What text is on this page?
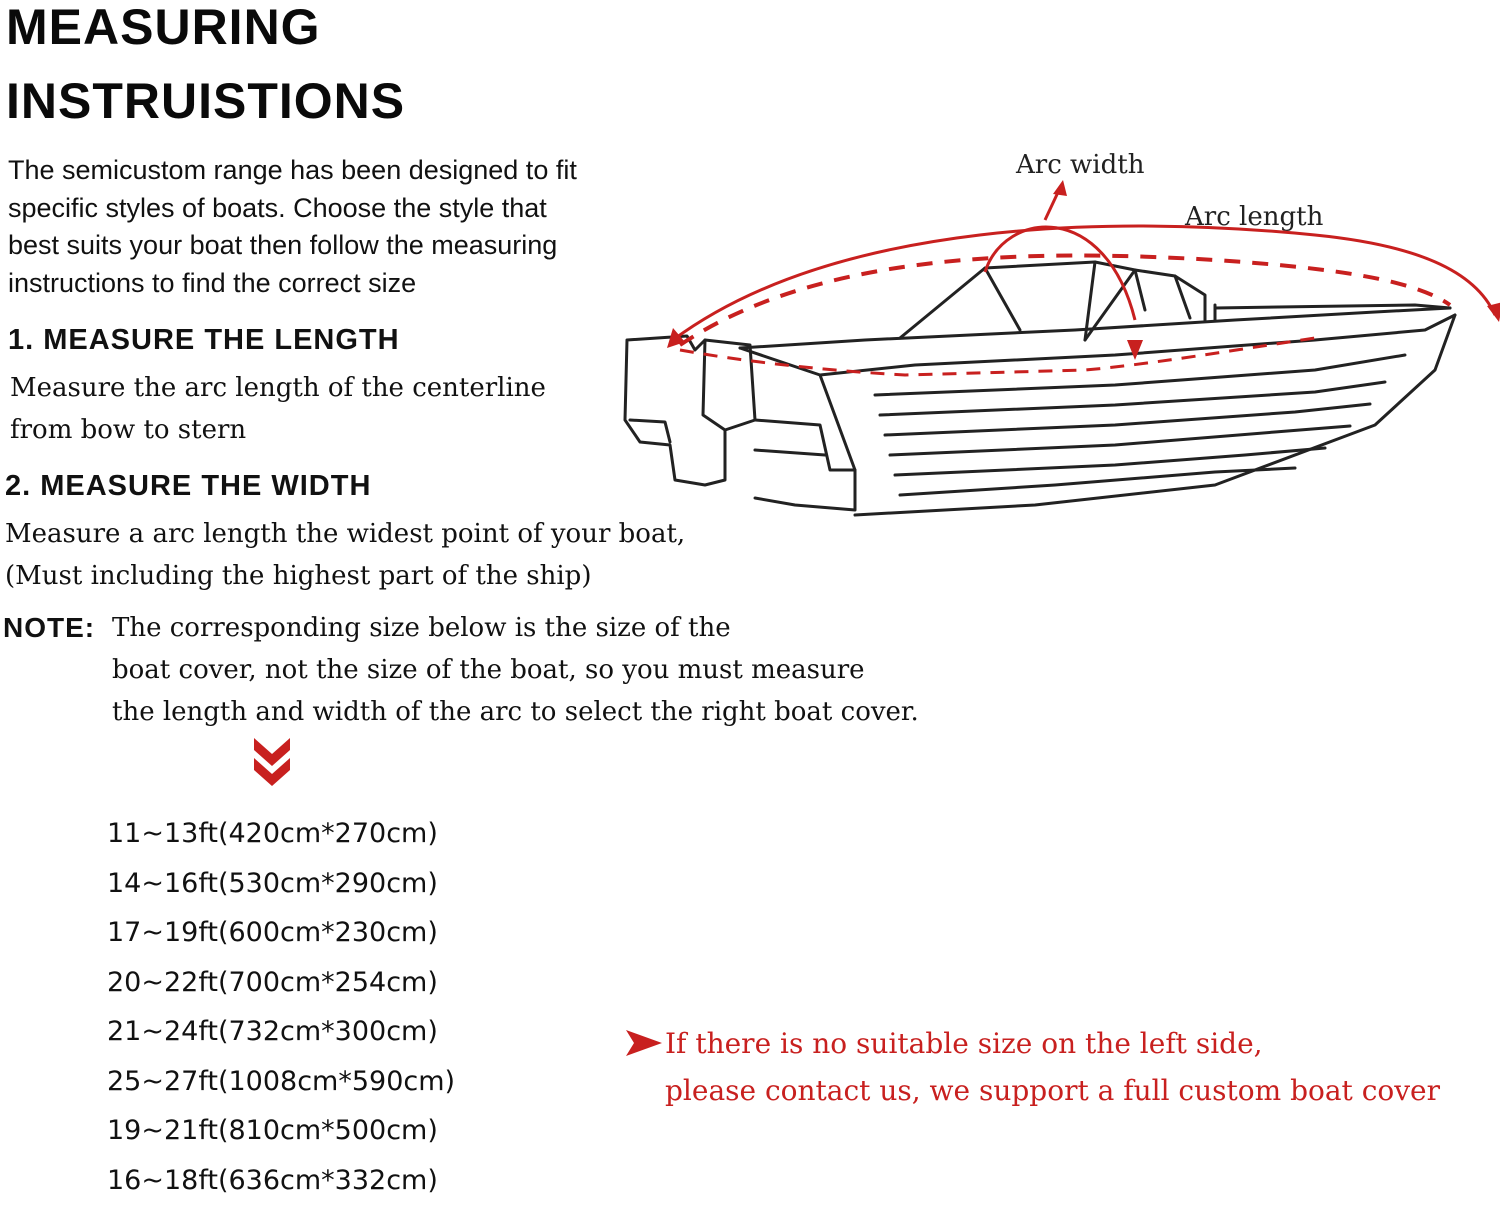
MEASURING
INSTRUISTIONS
The semicustom range has been designed to fit
specific styles of boats. Choose the style that
best suits your boat then follow the measuring
instructions to find the correct size
1. MEASURE THE LENGTH
Measure the arc length of the centerline
from bow to stern
2. MEASURE THE WIDTH
Measure a arc length the widest point of your boat,
(Must including the highest part of the ship)
NOTE: The corresponding size below is the size of the
boat cover, not the size of the boat, so you must measure
the length and width of the arc to select the right boat cover.
11~13ft(420cm*270cm)
14~16ft(530cm*290cm)
17~19ft(600cm*230cm)
20~22ft(700cm*254cm)
21~24ft(732cm*300cm)
25~27ft(1008cm*590cm)
19~21ft(810cm*500cm)
16~18ft(636cm*332cm)
If there is no suitable size on the left side,
please contact us, we support a full custom boat cover
Arc width
Arc length
